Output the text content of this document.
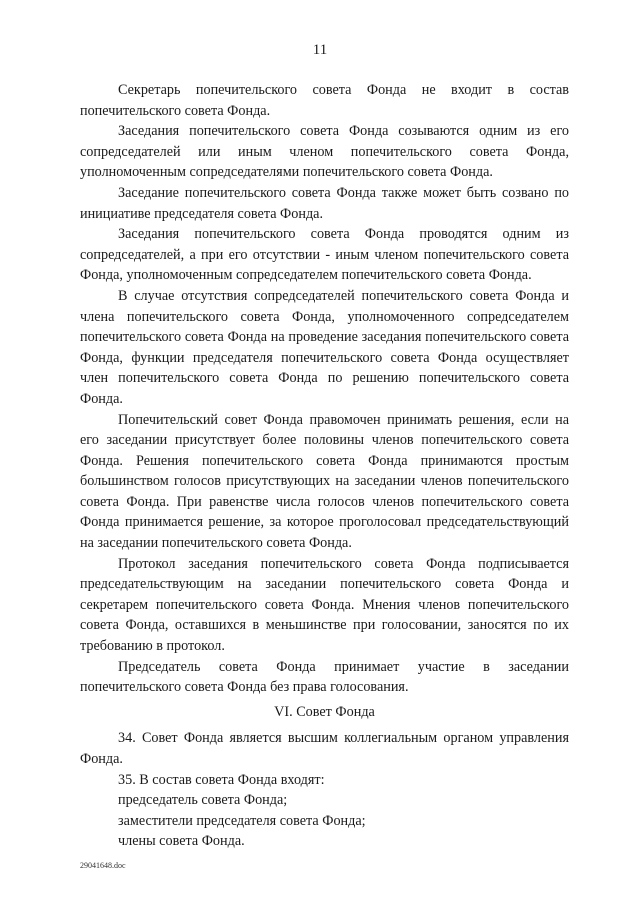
11

Секретарь попечительского совета Фонда не входит в состав попечительского совета Фонда.

Заседания попечительского совета Фонда созываются одним из его сопредседателей или иным членом попечительского совета Фонда, уполномоченным сопредседателями попечительского совета Фонда.

Заседание попечительского совета Фонда также может быть созвано по инициативе председателя совета Фонда.

Заседания попечительского совета Фонда проводятся одним из сопредседателей, а при его отсутствии - иным членом попечительского совета Фонда, уполномоченным сопредседателем попечительского совета Фонда.

В случае отсутствия сопредседателей попечительского совета Фонда и члена попечительского совета Фонда, уполномоченного сопредседателем попечительского совета Фонда на проведение заседания попечительского совета Фонда, функции председателя попечительского совета Фонда осуществляет член попечительского совета Фонда по решению попечительского совета Фонда.

Попечительский совет Фонда правомочен принимать решения, если на его заседании присутствует более половины членов попечительского совета Фонда. Решения попечительского совета Фонда принимаются простым большинством голосов присутствующих на заседании членов попечительского совета Фонда. При равенстве числа голосов членов попечительского совета Фонда принимается решение, за которое проголосовал председательствующий на заседании попечительского совета Фонда.

Протокол заседания попечительского совета Фонда подписывается председательствующим на заседании попечительского совета Фонда и секретарем попечительского совета Фонда. Мнения членов попечительского совета Фонда, оставшихся в меньшинстве при голосовании, заносятся по их требованию в протокол.

Председатель совета Фонда принимает участие в заседании попечительского совета Фонда без права голосования.

VI. Совет Фонда

34. Совет Фонда является высшим коллегиальным органом управления Фонда.

35. В состав совета Фонда входят:

председатель совета Фонда;

заместители председателя совета Фонда;

члены совета Фонда.

29041648.doc
